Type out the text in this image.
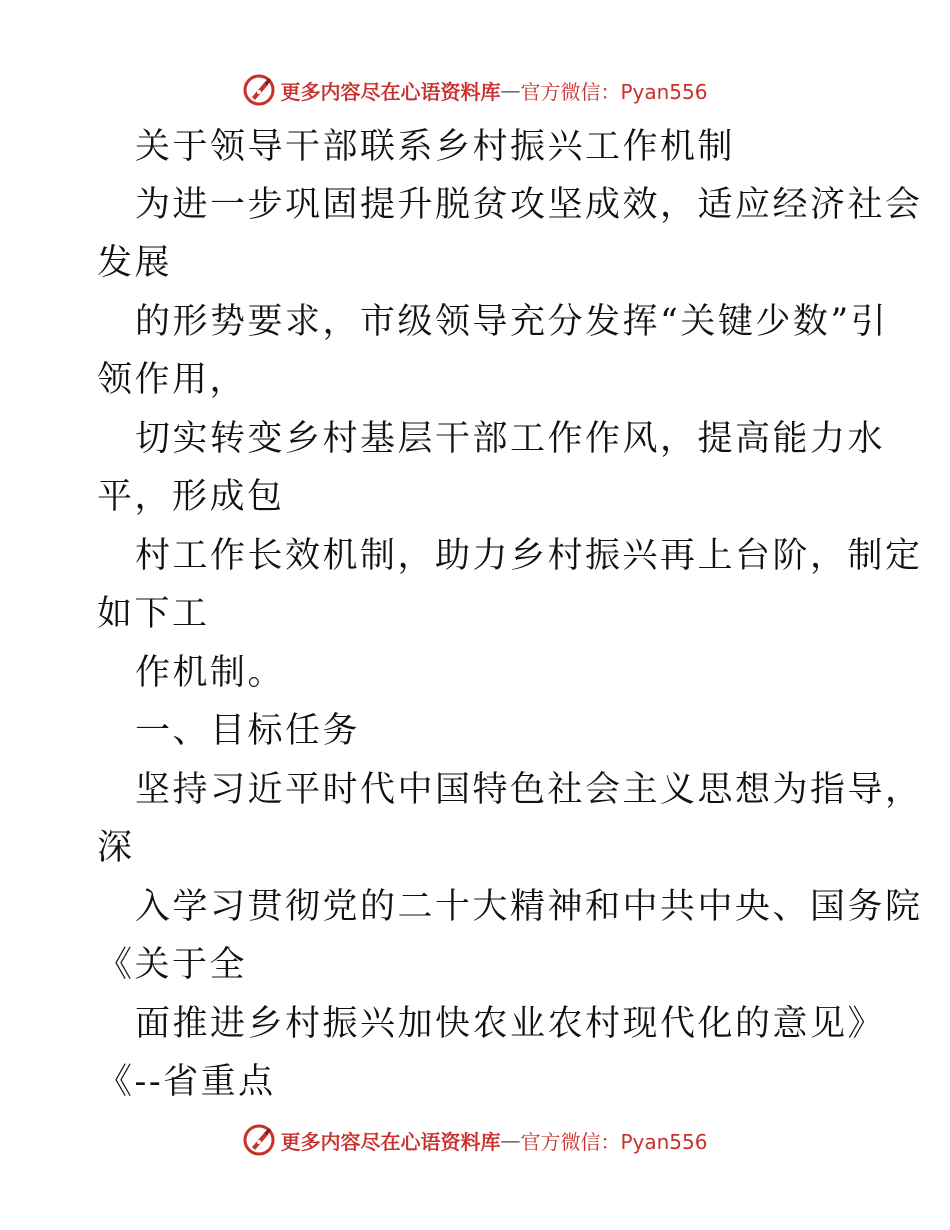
更多内容尽在心语资料库 — 官方微信：Pyan556
关于领导干部联系乡村振兴工作机制
为进一步巩固提升脱贫攻坚成效，适应经济社会
发展
的形势要求，市级领导充分发挥“关键少数”引
领作用，
切实转变乡村基层干部工作作风，提高能力水
平，形成包
村工作长效机制，助力乡村振兴再上台阶，制定
如下工
作机制。
一、目标任务
坚持习近平时代中国特色社会主义思想为指导，
深
入学习贯彻党的二十大精神和中共中央、国务院
《关于全
面推进乡村振兴加快农业农村现代化的意见》
《--省重点
更多内容尽在心语资料库 — 官方微信：Pyan556
